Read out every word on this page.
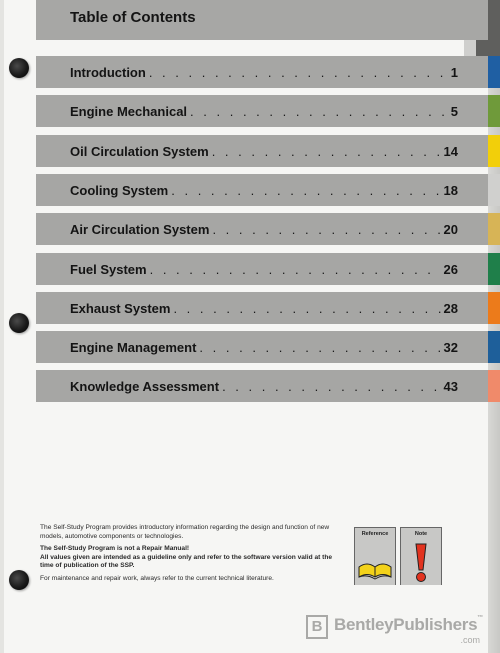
Table of Contents
Introduction . . .	1
Engine Mechanical . . .	5
Oil Circulation System . . .	14
Cooling System . . .	18
Air Circulation System . . .	20
Fuel System . . .	26
Exhaust System . . .	28
Engine Management . . .	32
Knowledge Assessment . . .	43

The Self-Study Program provides introductory information regarding the design and function of new models, automotive components or technologies.

The Self-Study Program is not a Repair Manual!
All values given are intended as a guideline only and refer to the software version valid at the time of publication of the SSP.

For maintenance and repair work, always refer to the current technical literature.

Reference	Note
B BentleyPublishers™
.com
